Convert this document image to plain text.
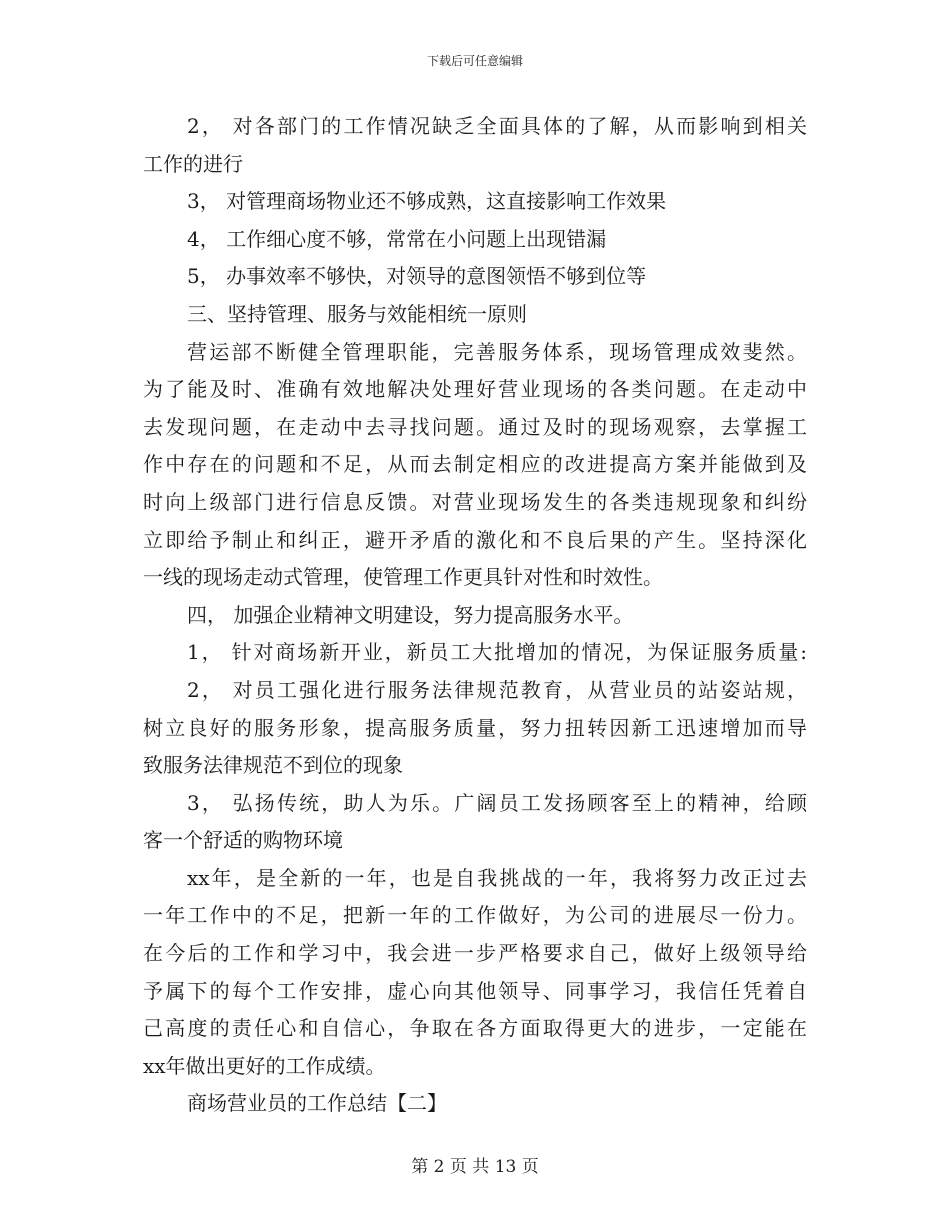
下载后可任意编辑
2， 对各部门的工作情况缺乏全面具体的了解，从而影响到相关
工作的进行
3， 对管理商场物业还不够成熟，这直接影响工作效果
4， 工作细心度不够，常常在小问题上出现错漏
5， 办事效率不够快，对领导的意图领悟不够到位等
三、坚持管理、服务与效能相统一原则
营运部不断健全管理职能，完善服务体系，现场管理成效斐然。
为了能及时、准确有效地解决处理好营业现场的各类问题。在走动中
去发现问题，在走动中去寻找问题。通过及时的现场观察，去掌握工
作中存在的问题和不足，从而去制定相应的改进提高方案并能做到及
时向上级部门进行信息反馈。对营业现场发生的各类违规现象和纠纷
立即给予制止和纠正，避开矛盾的激化和不良后果的产生。坚持深化
一线的现场走动式管理，使管理工作更具针对性和时效性。
四， 加强企业精神文明建设，努力提高服务水平。
1， 针对商场新开业，新员工大批增加的情况，为保证服务质量:
2， 对员工强化进行服务法律规范教育，从营业员的站姿站规，
树立良好的服务形象，提高服务质量，努力扭转因新工迅速增加而导
致服务法律规范不到位的现象
3， 弘扬传统，助人为乐。广阔员工发扬顾客至上的精神，给顾
客一个舒适的购物环境
xx年，是全新的一年，也是自我挑战的一年，我将努力改正过去
一年工作中的不足，把新一年的工作做好，为公司的进展尽一份力。
在今后的工作和学习中，我会进一步严格要求自己，做好上级领导给
予属下的每个工作安排，虚心向其他领导、同事学习，我信任凭着自
己高度的责任心和自信心，争取在各方面取得更大的进步，一定能在
xx年做出更好的工作成绩。
商场营业员的工作总结【二】
第 2 页 共 13 页
